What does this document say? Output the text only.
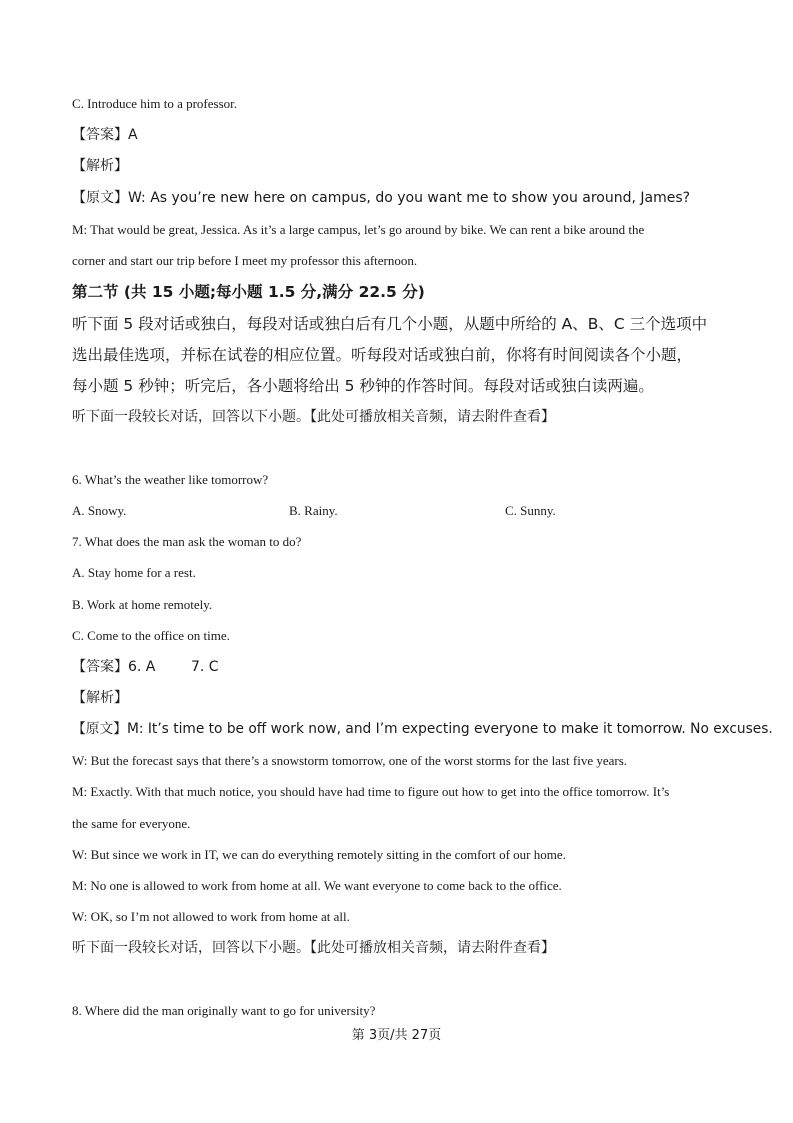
C. Introduce him to a professor.
【答案】A
【解析】
【原文】W: As you’re new here on campus, do you want me to show you around, James?
M: That would be great, Jessica. As it’s a large campus, let’s go around by bike. We can rent a bike around the
corner and start our trip before I meet my professor this afternoon.
第二节 (共 15 小题;每小题 1.5 分,满分 22.5 分)
听下面 5 段对话或独白，每段对话或独白后有几个小题，从题中所给的 A、B、C 三个选项中
选出最佳选项，并标在试卷的相应位置。听每段对话或独白前，你将有时间阅读各个小题，
每小题 5 秒钟；听完后，各小题将给出 5 秒钟的作答时间。每段对话或独白读两遍。
听下面一段较长对话，回答以下小题。【此处可播放相关音频，请去附件查看】
6. What’s the weather like tomorrow?
A. Snowy.	B. Rainy.	C. Sunny.
7. What does the man ask the woman to do?
A. Stay home for a rest.
B. Work at home remotely.
C. Come to the office on time.
【答案】6. A        7. C
【解析】
【原文】M: It’s time to be off work now, and I’m expecting everyone to make it tomorrow. No excuses.
W: But the forecast says that there’s a snowstorm tomorrow, one of the worst storms for the last five years.
M: Exactly. With that much notice, you should have had time to figure out how to get into the office tomorrow. It’s
the same for everyone.
W: But since we work in IT, we can do everything remotely sitting in the comfort of our home.
M: No one is allowed to work from home at all. We want everyone to come back to the office.
W: OK, so I’m not allowed to work from home at all.
听下面一段较长对话，回答以下小题。【此处可播放相关音频，请去附件查看】
8. Where did the man originally want to go for university?
第 3页/共 27页
